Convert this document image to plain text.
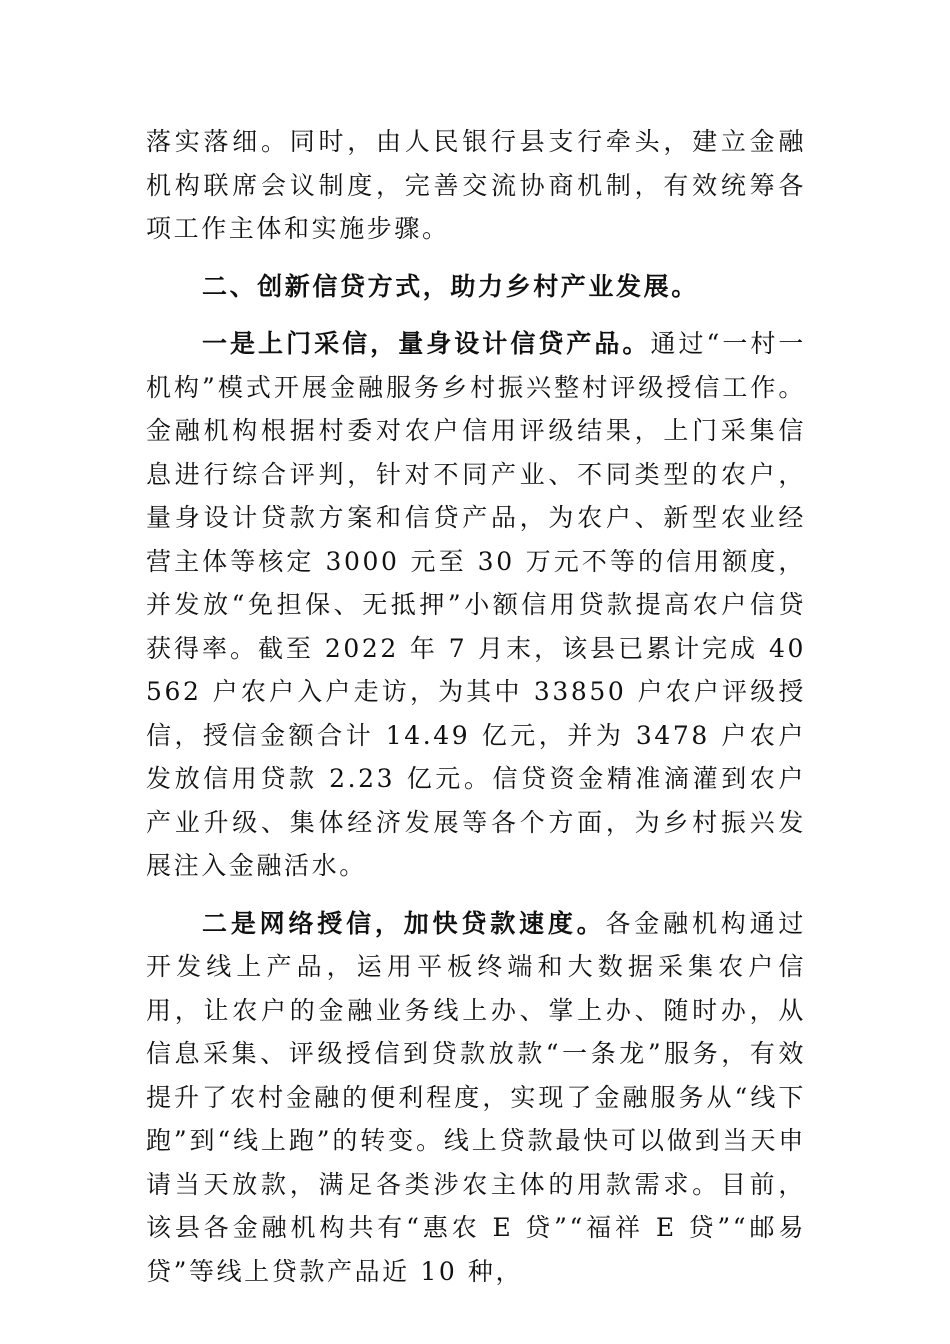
落实落细。同时，由人民银行县支行牵头，建立金融机构联席会议制度，完善交流协商机制，有效统筹各项工作主体和实施步骤。

二、创新信贷方式，助力乡村产业发展。

一是上门采信，量身设计信贷产品。通过“一村一机构”模式开展金融服务乡村振兴整村评级授信工作。金融机构根据村委对农户信用评级结果，上门采集信息进行综合评判，针对不同产业、不同类型的农户，量身设计贷款方案和信贷产品，为农户、新型农业经营主体等核定 3000 元至 30 万元不等的信用额度，并发放“免担保、无抵押”小额信用贷款提高农户信贷获得率。截至 2022 年 7 月末，该县已累计完成 40562 户农户入户走访，为其中 33850 户农户评级授信，授信金额合计 14.49 亿元，并为 3478 户农户发放信用贷款 2.23 亿元。信贷资金精准滴灌到农户产业升级、集体经济发展等各个方面，为乡村振兴发展注入金融活水。

二是网络授信，加快贷款速度。各金融机构通过开发线上产品，运用平板终端和大数据采集农户信用，让农户的金融业务线上办、掌上办、随时办，从信息采集、评级授信到贷款放款“一条龙”服务，有效提升了农村金融的便利程度，实现了金融服务从“线下跑”到“线上跑”的转变。线上贷款最快可以做到当天申请当天放款，满足各类涉农主体的用款需求。目前，该县各金融机构共有“惠农 E 贷”“福祥 E 贷”“邮易贷”等线上贷款产品近 10 种，
